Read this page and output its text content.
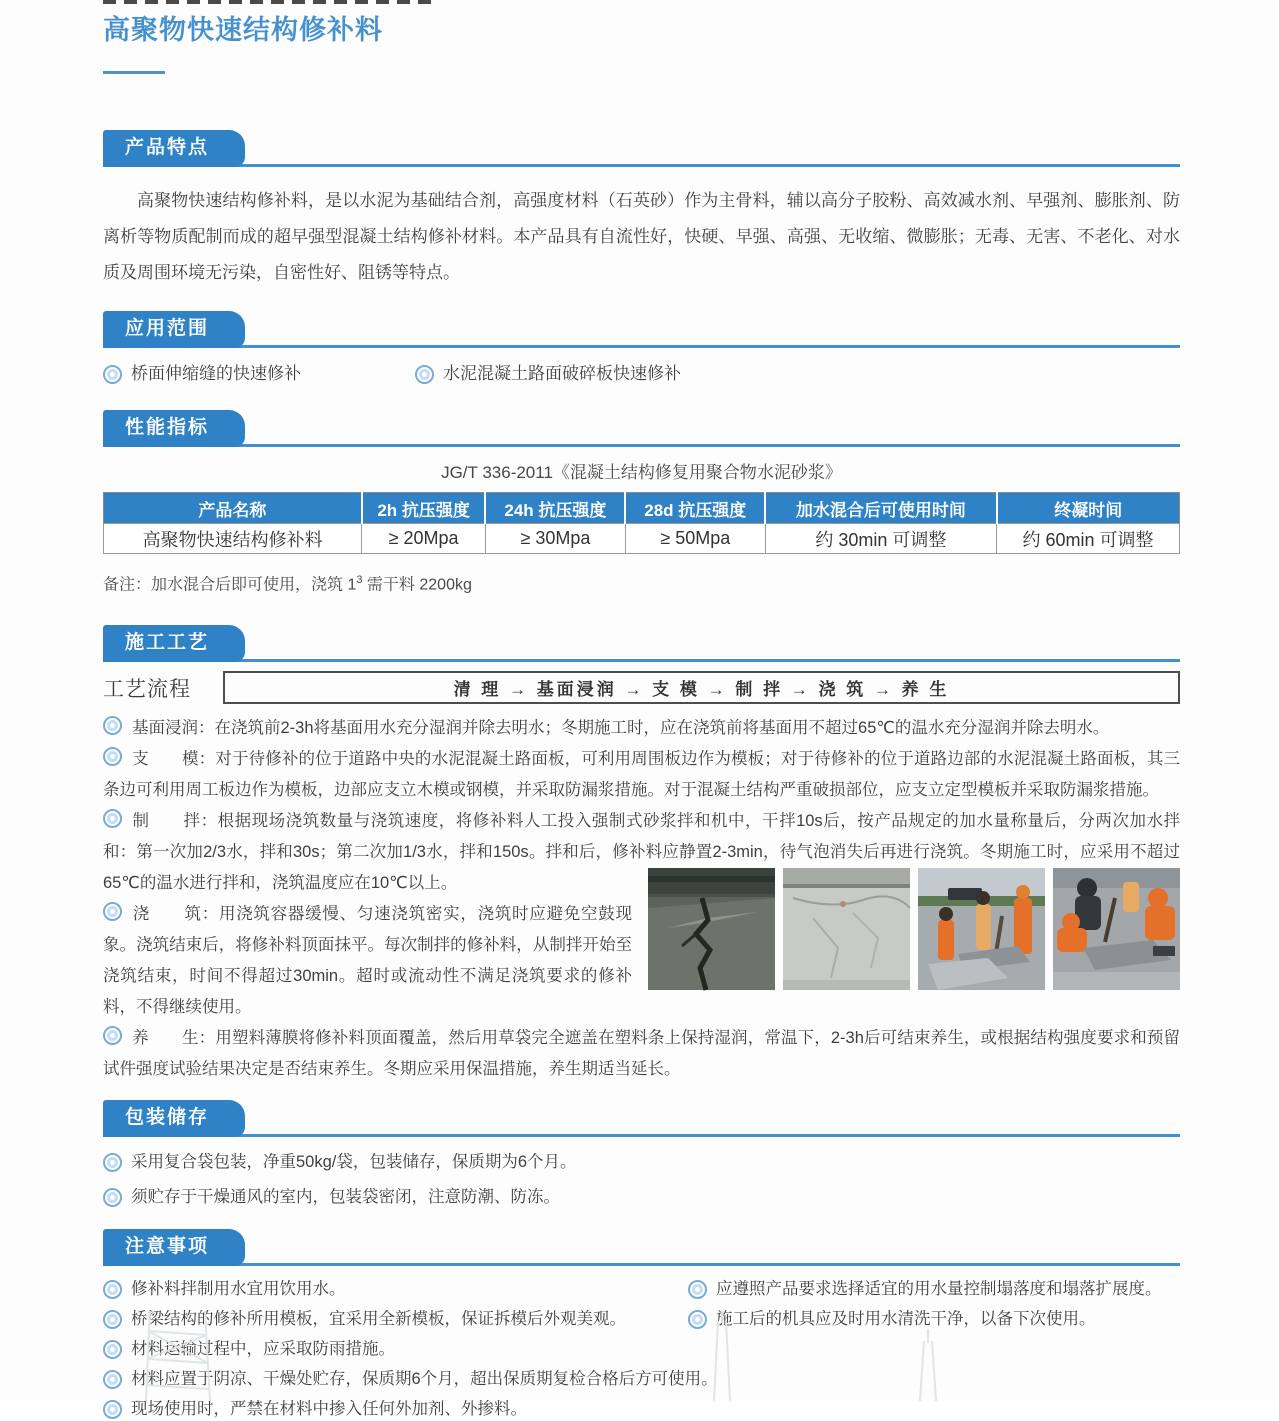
高聚物快速结构修补料
产品特点

高聚物快速结构修补料，是以水泥为基础结合剂，高强度材料（石英砂）作为主骨料，辅以高分子胶粉、高效减水剂、早强剂、膨胀剂、防离析等物质配制而成的超早强型混凝土结构修补材料。本产品具有自流性好，快硬、早强、高强、无收缩、微膨胀；无毒、无害、不老化、对水质及周围环境无污染，自密性好、阻锈等特点。

应用范围
桥面伸缩缝的快速修补	水泥混凝土路面破碎板快速修补
性能指标
JG/T 336-2011《混凝土结构修复用聚合物水泥砂浆》
产品名称	2h 抗压强度	24h 抗压强度	28d 抗压强度	加水混合后可使用时间	终凝时间
高聚物快速结构修补料	≥ 20Mpa	≥ 30Mpa	≥ 50Mpa	约 30min 可调整	约 60min 可调整
备注：加水混合后即可使用，浇筑 $1^3$ 需干料 2200kg
施工工艺
工艺流程	清 理 → 基面浸润 → 支 模 → 制 拌 → 浇 筑 → 养 生

基面浸润：在浇筑前2-3h将基面用水充分湿润并除去明水；冬期施工时，应在浇筑前将基面用不超过65℃的温水充分湿润并除去明水。

支　　模：对于待修补的位于道路中央的水泥混凝土路面板，可利用周围板边作为模板；对于待修补的位于道路边部的水泥混凝土路面板，其三条边可利用周工板边作为模板，边部应支立木模或钢模，并采取防漏浆措施。对于混凝土结构严重破损部位，应支立定型模板并采取防漏浆措施。

制　　拌：根据现场浇筑数量与浇筑速度，将修补料人工投入强制式砂浆拌和机中，干拌10s后，按产品规定的加水量称量后，分两次加水拌和：第一次加2/3水，拌和30s；第二次加1/3水，拌和150s。拌和后，修补料应静置2-3min，待气泡消失后再进行浇筑。冬期施工时，应采用不超过65℃的温水进行拌和，浇筑温度应在10℃以上。

浇　　筑：用浇筑容器缓慢、匀速浇筑密实，浇筑时应避免空鼓现象。浇筑结束后，将修补料顶面抹平。每次制拌的修补料，从制拌开始至浇筑结束，时间不得超过30min。超时或流动性不满足浇筑要求的修补料，不得继续使用。

养　　生：用塑料薄膜将修补料顶面覆盖，然后用草袋完全遮盖在塑料条上保持湿润，常温下，2-3h后可结束养生，或根据结构强度要求和预留试件强度试验结果决定是否结束养生。冬期应采用保温措施，养生期适当延长。

包装储存
采用复合袋包装，净重50kg/袋，包装储存，保质期为6个月。
须贮存于干燥通风的室内，包装袋密闭，注意防潮、防冻。
注意事项
修补料拌制用水宜用饮用水。	应遵照产品要求选择适宜的用水量控制塌落度和塌落扩展度。
桥梁结构的修补所用模板，宜采用全新模板，保证拆模后外观美观。	施工后的机具应及时用水清洗干净，以备下次使用。
材料运输过程中，应采取防雨措施。
材料应置于阴凉、干燥处贮存，保质期6个月，超出保质期复检合格后方可使用。
现场使用时，严禁在材料中掺入任何外加剂、外掺料。
